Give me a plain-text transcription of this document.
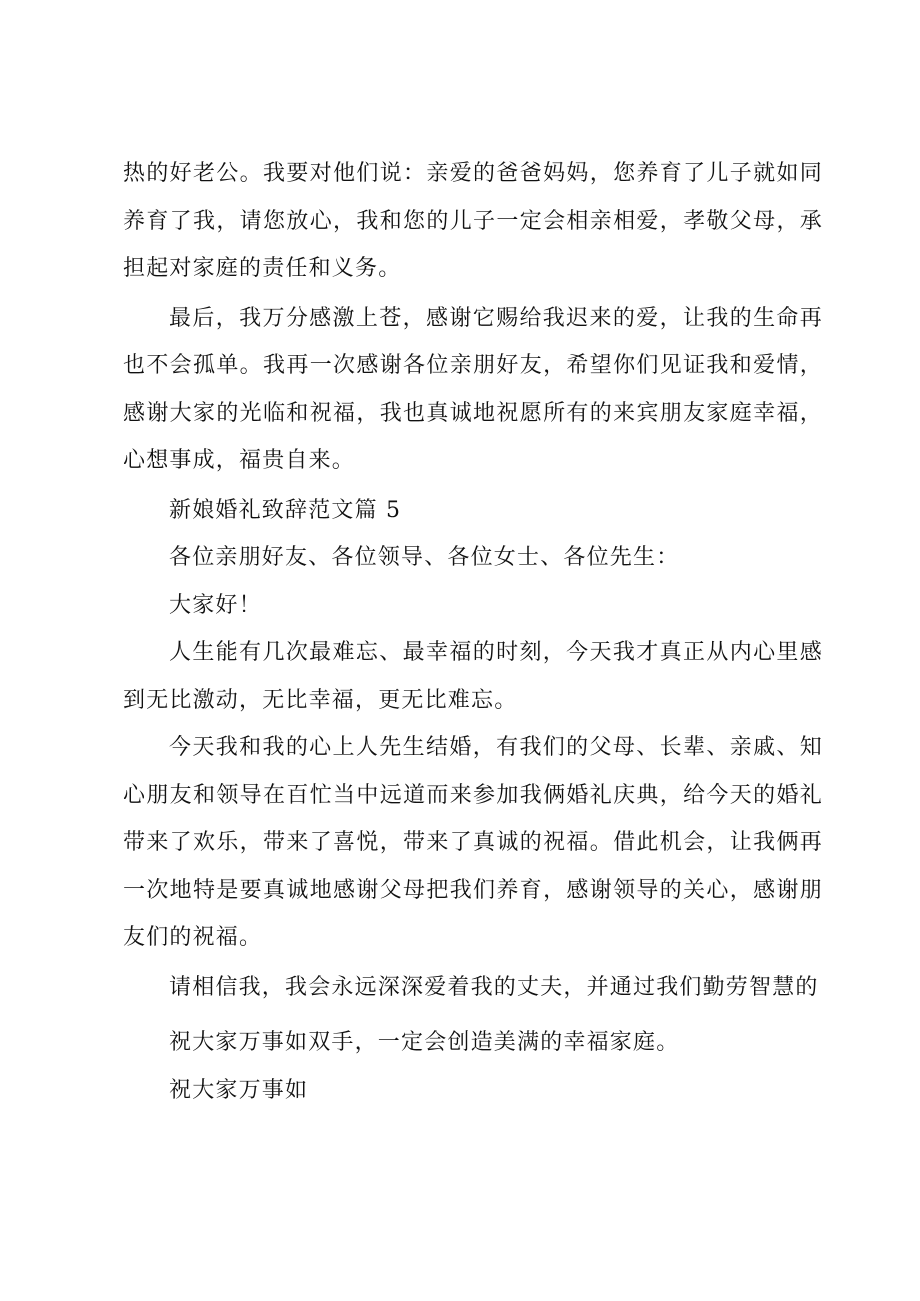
热的好老公。我要对他们说：亲爱的爸爸妈妈，您养育了儿子就如同养育了我，请您放心，我和您的儿子一定会相亲相爱，孝敬父母，承担起对家庭的责任和义务。

最后，我万分感激上苍，感谢它赐给我迟来的爱，让我的生命再也不会孤单。我再一次感谢各位亲朋好友，希望你们见证我和爱情，感谢大家的光临和祝福，我也真诚地祝愿所有的来宾朋友家庭幸福，心想事成，福贵自来。

新娘婚礼致辞范文篇 5

各位亲朋好友、各位领导、各位女士、各位先生：

大家好！

人生能有几次最难忘、最幸福的时刻，今天我才真正从内心里感到无比激动，无比幸福，更无比难忘。

今天我和我的心上人先生结婚，有我们的父母、长辈、亲戚、知心朋友和领导在百忙当中远道而来参加我俩婚礼庆典，给今天的婚礼带来了欢乐，带来了喜悦，带来了真诚的祝福。借此机会，让我俩再一次地特是要真诚地感谢父母把我们养育，感谢领导的关心，感谢朋友们的祝福。

请相信我，我会永远深深爱着我的丈夫，并通过我们勤劳智慧的

祝大家万事如双手，一定会创造美满的幸福家庭。

祝大家万事如
